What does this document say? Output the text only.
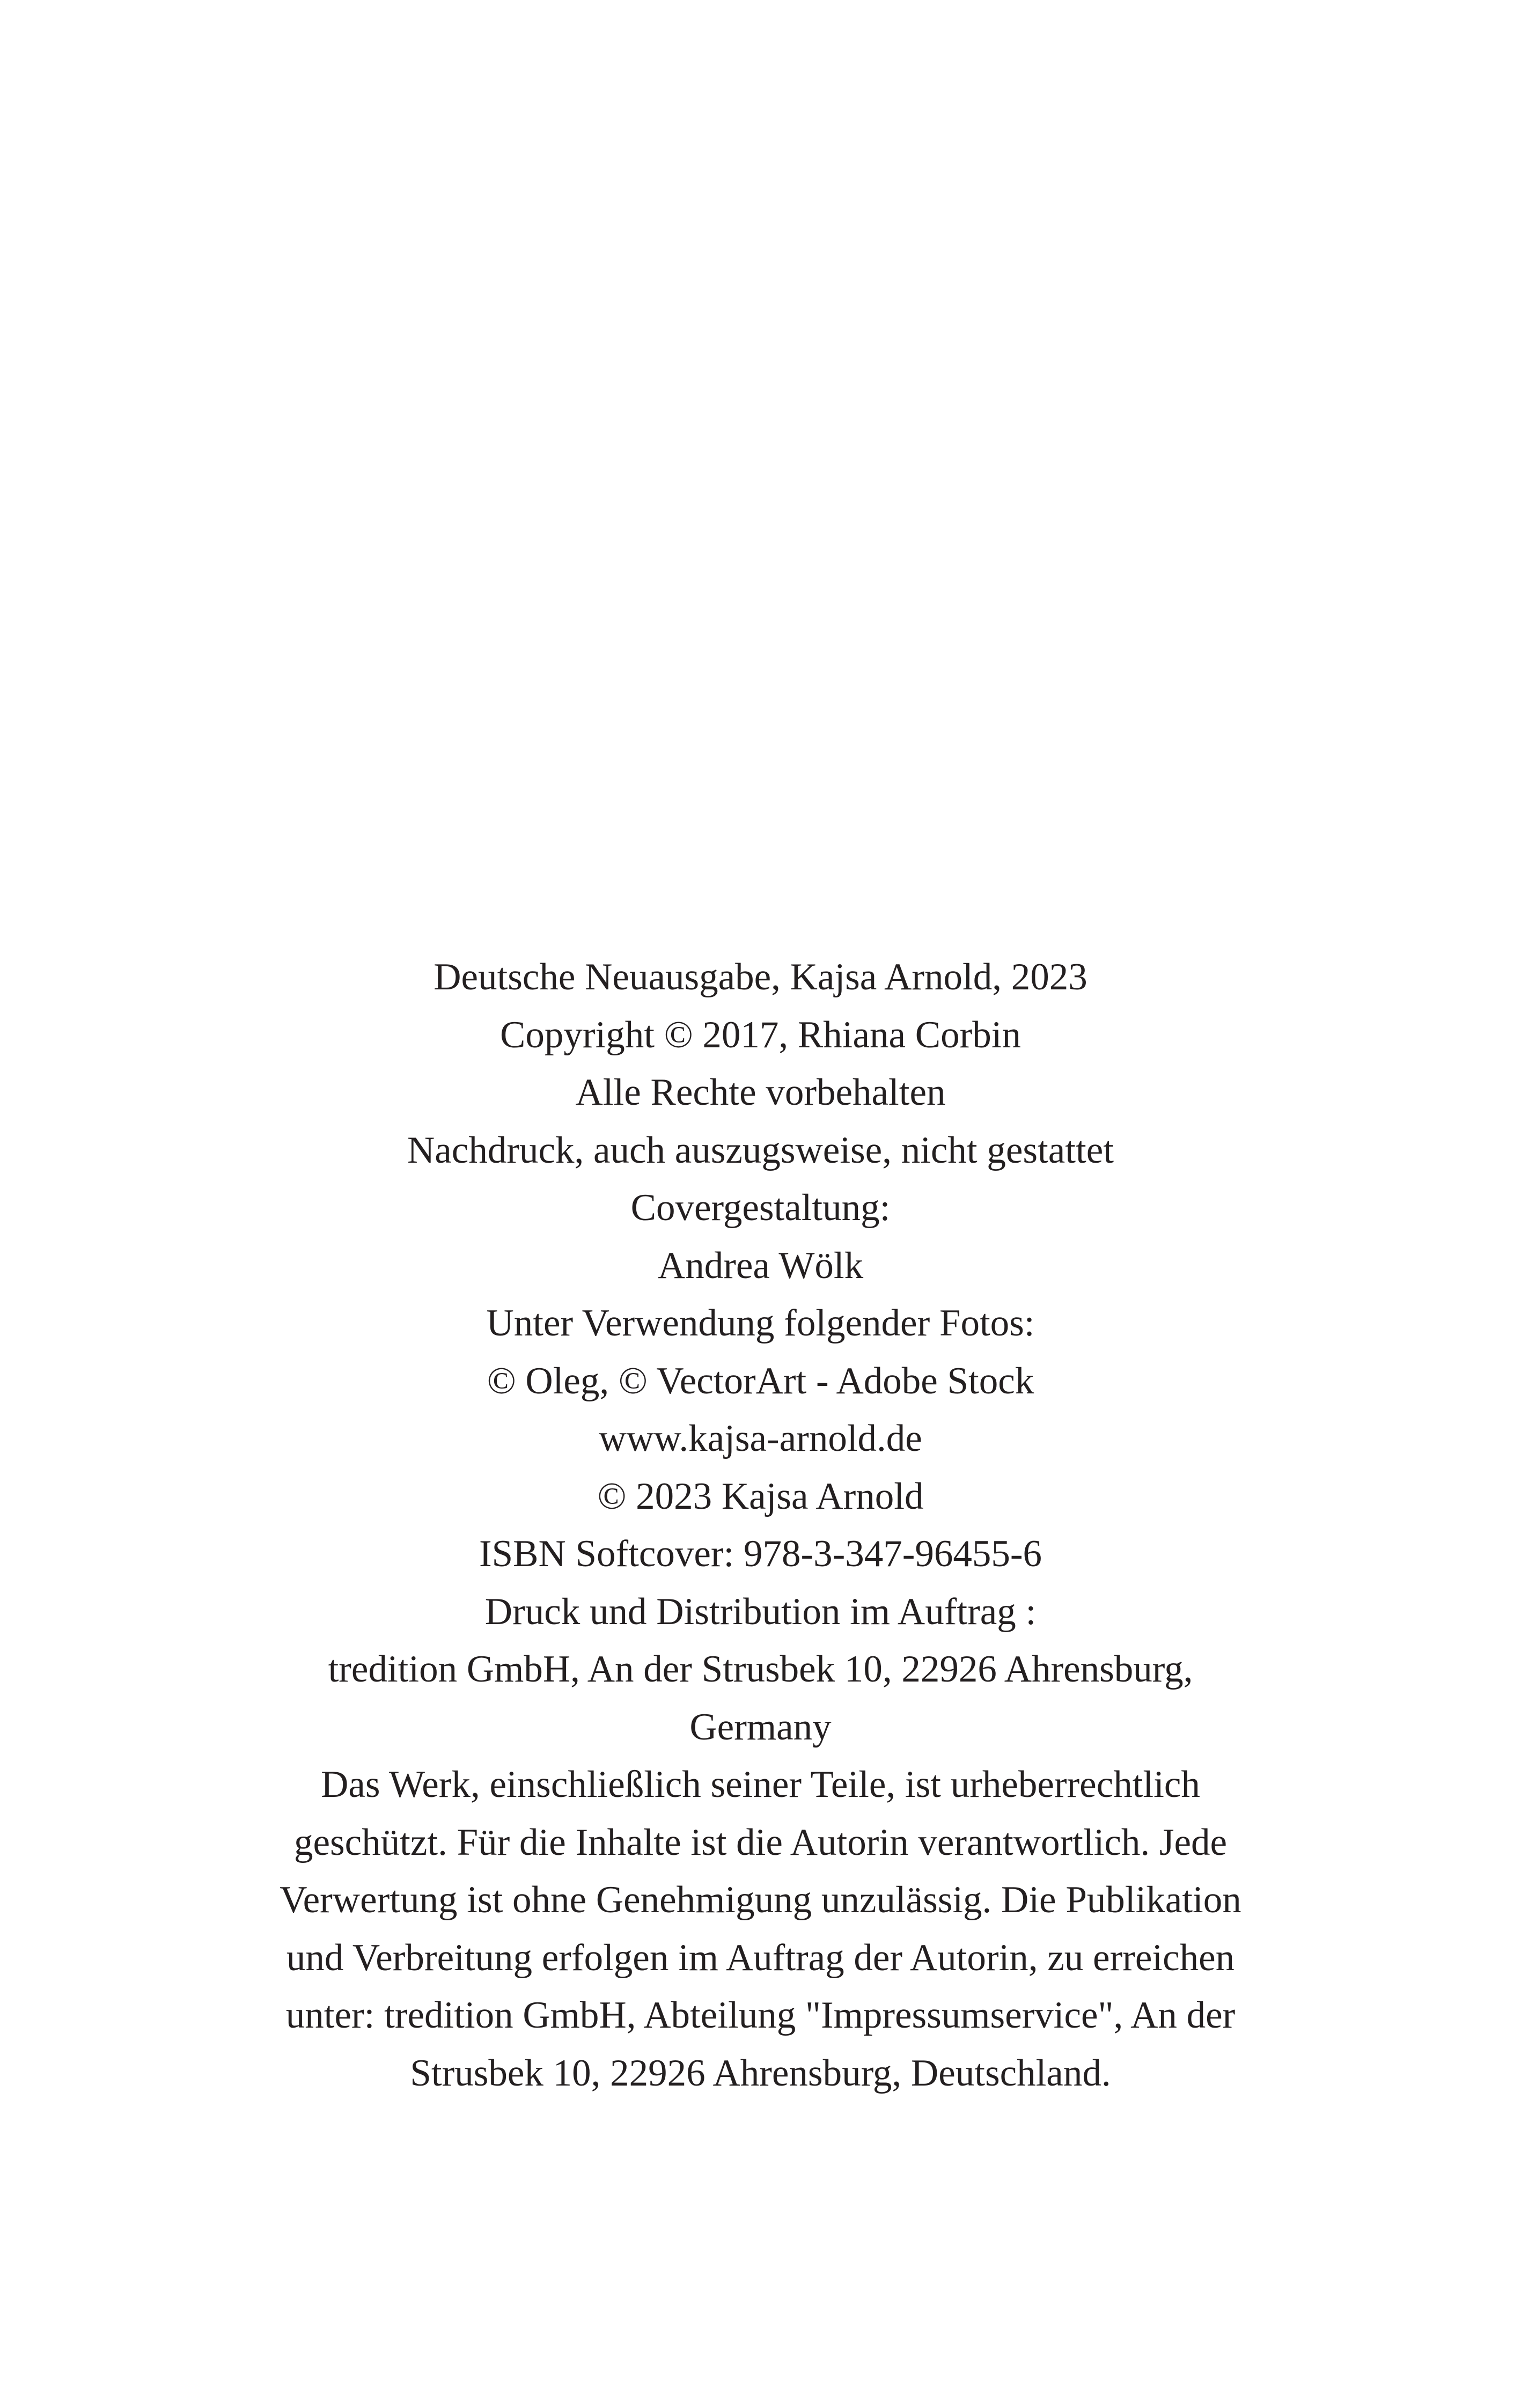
Deutsche Neuausgabe, Kajsa Arnold, 2023
Copyright © 2017, Rhiana Corbin
Alle Rechte vorbehalten
Nachdruck, auch auszugsweise, nicht gestattet
Covergestaltung:
Andrea Wölk
Unter Verwendung folgender Fotos:
© Oleg, © VectorArt - Adobe Stock
www.kajsa-arnold.de
© 2023 Kajsa Arnold
ISBN Softcover: 978-3-347-96455-6
Druck und Distribution im Auftrag :
tredition GmbH, An der Strusbek 10, 22926 Ahrensburg,
Germany
Das Werk, einschließlich seiner Teile, ist urheberrechtlich
geschützt. Für die Inhalte ist die Autorin verantwortlich. Jede
Verwertung ist ohne Genehmigung unzulässig. Die Publikation
und Verbreitung erfolgen im Auftrag der Autorin, zu erreichen
unter: tredition GmbH, Abteilung "Impressumservice", An der
Strusbek 10, 22926 Ahrensburg, Deutschland.
